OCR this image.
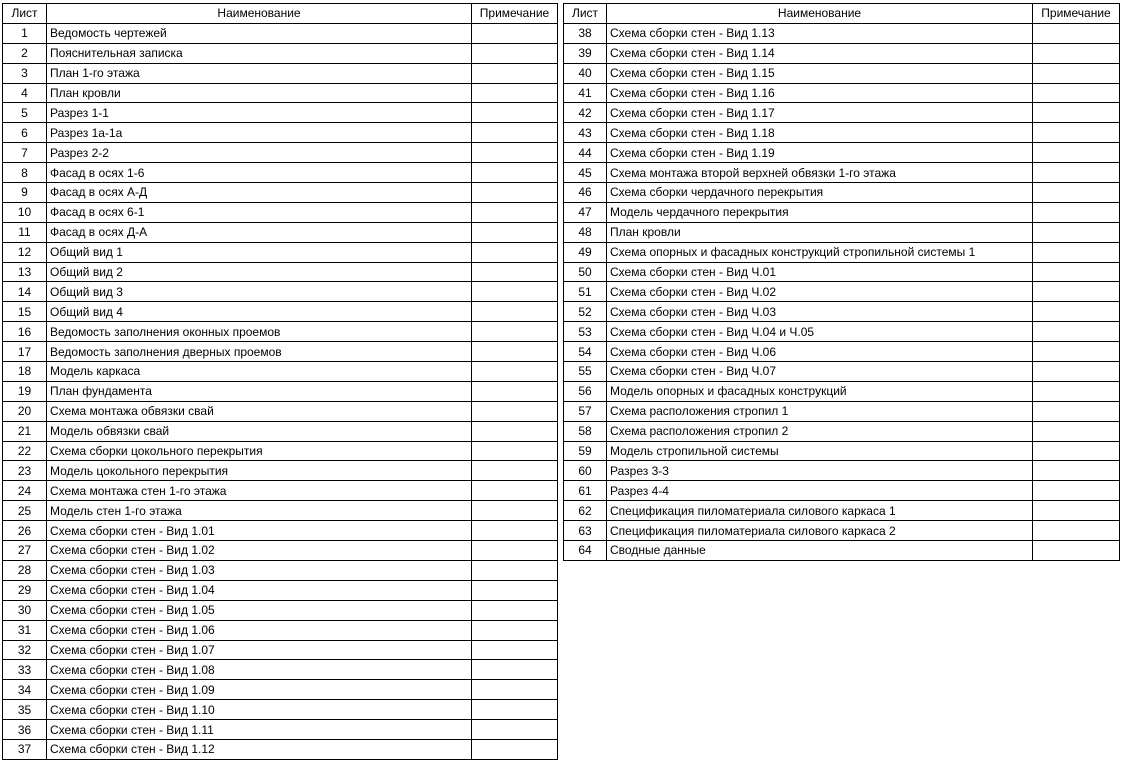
Лист	Наименование	Примечание
1	Ведомость чертежей	
2	Пояснительная записка	
3	План 1-го этажа	
4	План кровли	
5	Разрез 1-1	
6	Разрез 1а-1а	
7	Разрез 2-2	
8	Фасад в осях 1-6	
9	Фасад в осях А-Д	
10	Фасад в осях 6-1	
11	Фасад в осях Д-А	
12	Общий вид 1	
13	Общий вид 2	
14	Общий вид 3	
15	Общий вид 4	
16	Ведомость заполнения оконных проемов	
17	Ведомость заполнения дверных проемов	
18	Модель каркаса	
19	План фундамента	
20	Схема монтажа обвязки свай	
21	Модель обвязки свай	
22	Схема сборки цокольного перекрытия	
23	Модель цокольного перекрытия	
24	Схема монтажа стен 1-го этажа	
25	Модель стен 1-го этажа	
26	Схема сборки стен - Вид 1.01	
27	Схема сборки стен - Вид 1.02	
28	Схема сборки стен - Вид 1.03	
29	Схема сборки стен - Вид 1.04	
30	Схема сборки стен - Вид 1.05	
31	Схема сборки стен - Вид 1.06	
32	Схема сборки стен - Вид 1.07	
33	Схема сборки стен - Вид 1.08	
34	Схема сборки стен - Вид 1.09	
35	Схема сборки стен - Вид 1.10	
36	Схема сборки стен - Вид 1.11	
37	Схема сборки стен - Вид 1.12	
Лист	Наименование	Примечание
38	Схема сборки стен - Вид 1.13	
39	Схема сборки стен - Вид 1.14	
40	Схема сборки стен - Вид 1.15	
41	Схема сборки стен - Вид 1.16	
42	Схема сборки стен - Вид 1.17	
43	Схема сборки стен - Вид 1.18	
44	Схема сборки стен - Вид 1.19	
45	Схема монтажа второй верхней обвязки 1-го этажа	
46	Схема сборки чердачного перекрытия	
47	Модель чердачного перекрытия	
48	План кровли	
49	Схема опорных и фасадных конструкций стропильной системы 1	
50	Схема сборки стен - Вид Ч.01	
51	Схема сборки стен - Вид Ч.02	
52	Схема сборки стен - Вид Ч.03	
53	Схема сборки стен - Вид Ч.04 и Ч.05	
54	Схема сборки стен - Вид Ч.06	
55	Схема сборки стен - Вид Ч.07	
56	Модель опорных и фасадных конструкций	
57	Схема расположения стропил 1	
58	Схема расположения стропил 2	
59	Модель стропильной системы	
60	Разрез 3-3	
61	Разрез 4-4	
62	Спецификация пиломатериала силового каркаса 1	
63	Спецификация пиломатериала силового каркаса 2	
64	Сводные данные	
